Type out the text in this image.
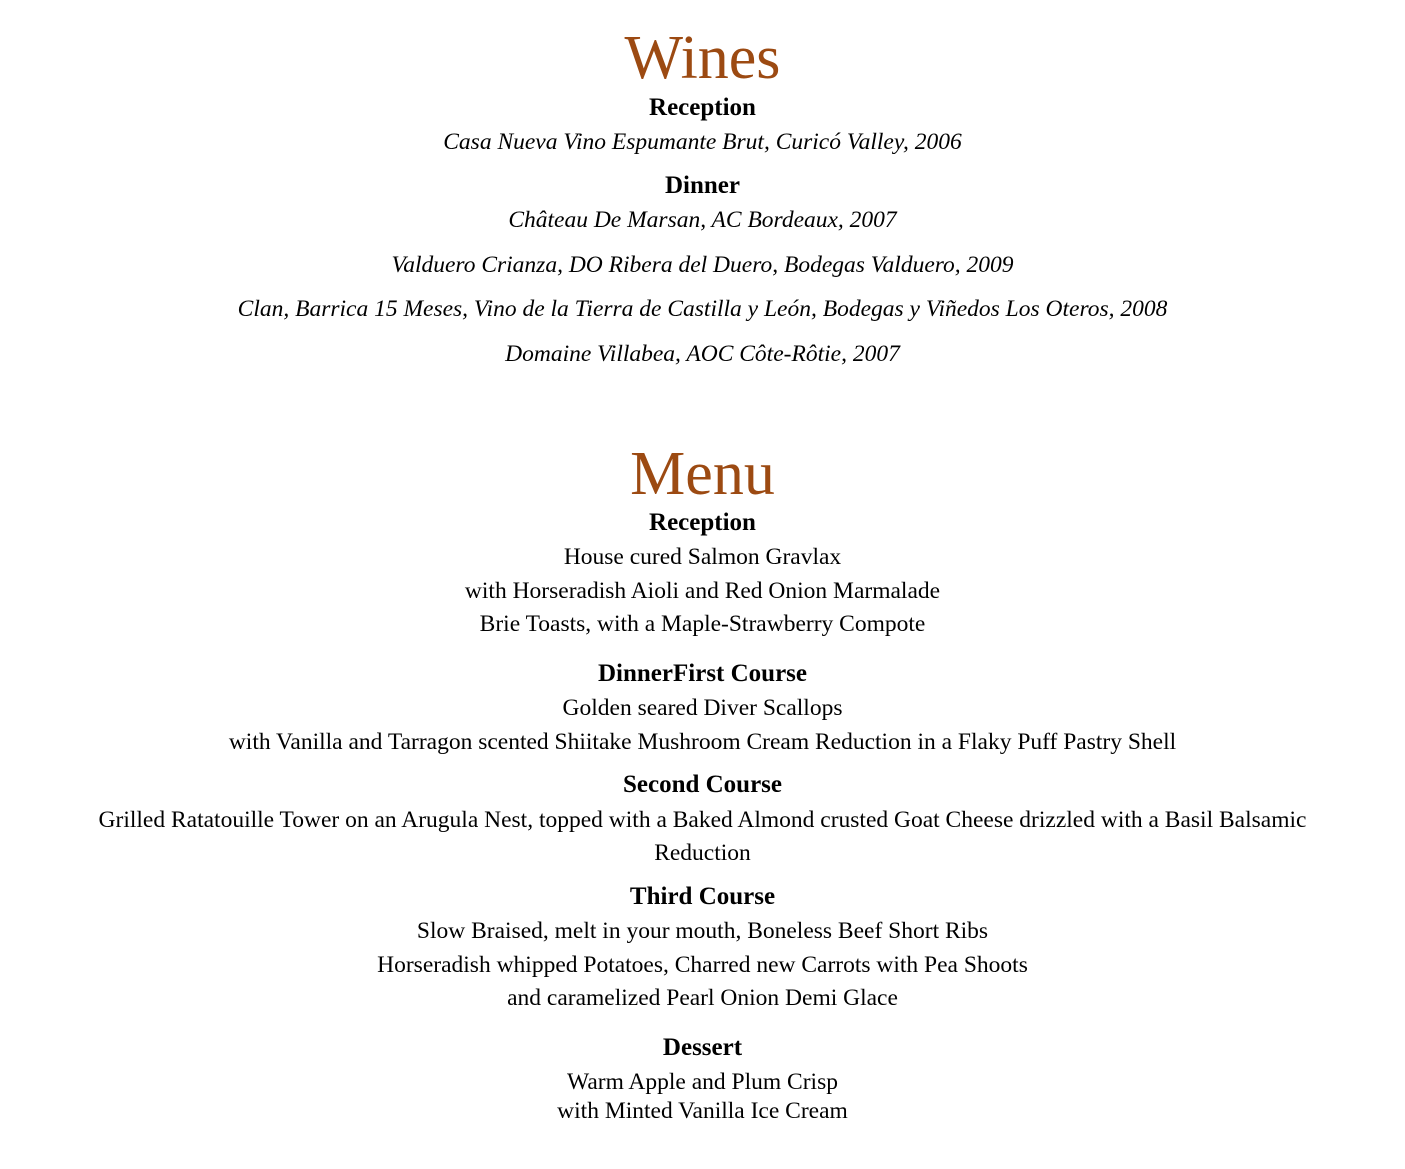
Wines
Reception
Casa Nueva Vino Espumante Brut, Curicó Valley, 2006
Dinner
Château De Marsan, AC Bordeaux, 2007
Valduero Crianza, DO Ribera del Duero, Bodegas Valduero, 2009
Clan, Barrica 15 Meses, Vino de la Tierra de Castilla y León, Bodegas y Viñedos Los Oteros, 2008
Domaine Villabea, AOC Côte-Rôtie, 2007
Menu
Reception
House cured Salmon Gravlax
with Horseradish Aioli and Red Onion Marmalade
Brie Toasts, with a Maple-Strawberry Compote
DinnerFirst Course
Golden seared Diver Scallops
with Vanilla and Tarragon scented Shiitake Mushroom Cream Reduction in a Flaky Puff Pastry Shell
Second Course
Grilled Ratatouille Tower on an Arugula Nest, topped with a Baked Almond crusted Goat Cheese drizzled with a Basil Balsamic
Reduction
Third Course
Slow Braised, melt in your mouth, Boneless Beef Short Ribs
Horseradish whipped Potatoes, Charred new Carrots with Pea Shoots
and caramelized Pearl Onion Demi Glace
Dessert
Warm Apple and Plum Crisp
with Minted Vanilla Ice Cream
